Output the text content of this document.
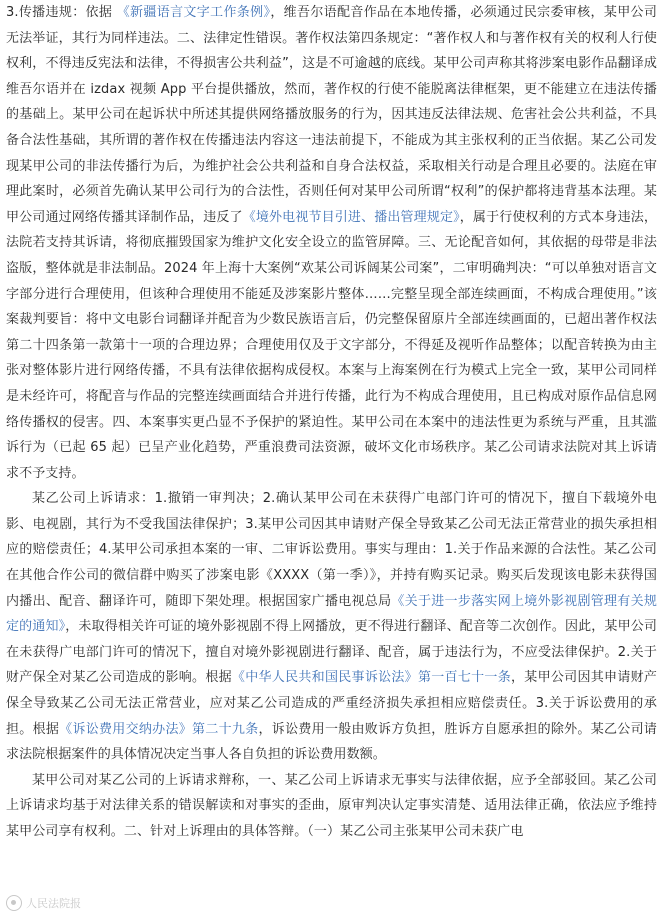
3.传播违规：依据 《新疆语言文字工作条例》，维吾尔语配音作品在本地传播，必须通过民宗委审核，某甲公司无法举证，其行为同样违法。二、法律定性错误。著作权法第四条规定：“著作权人和与著作权有关的权利人行使权利，不得违反宪法和法律，不得损害公共利益”，这是不可逾越的底线。某甲公司声称其将涉案电影作品翻译成维吾尔语并在 izdax 视频 App 平台提供播放，然而，著作权的行使不能脱离法律框架，更不能建立在违法传播的基础上。某甲公司在起诉状中所述其提供网络播放服务的行为，因其违反法律法规、危害社会公共利益，不具备合法性基础，其所谓的著作权在传播违法内容这一违法前提下，不能成为其主张权利的正当依据。某乙公司发现某甲公司的非法传播行为后，为维护社会公共利益和自身合法权益，采取相关行动是合理且必要的。法庭在审理此案时，必须首先确认某甲公司行为的合法性，否则任何对某甲公司所谓“权利”的保护都将违背基本法理。某甲公司通过网络传播其译制作品，违反了《境外电视节目引进、播出管理规定》，属于行使权利的方式本身违法，法院若支持其诉请，将彻底摧毁国家为维护文化安全设立的监管屏障。三、无论配音如何，其依据的母带是非法盗版，整体就是非法制品。2024 年上海十大案例“欢某公司诉阔某公司案”，二审明确判决：“可以单独对语言文字部分进行合理使用，但该种合理使用不能延及涉案影片整体……完整呈现全部连续画面，不构成合理使用。”该案裁判要旨：将中文电影台词翻译并配音为少数民族语言后，仍完整保留原片全部连续画面的，已超出著作权法第二十四条第一款第十一项的合理边界；合理使用仅及于文字部分，不得延及视听作品整体；以配音转换为由主张对整体影片进行网络传播，不具有法律依据构成侵权。本案与上海案例在行为模式上完全一致，某甲公司同样是未经许可，将配音与作品的完整连续画面结合并进行传播，此行为不构成合理使用，且已构成对原作品信息网络传播权的侵害。四、本案事实更凸显不予保护的紧迫性。某甲公司在本案中的违法性更为系统与严重，且其滥诉行为（已起 65 起）已呈产业化趋势，严重浪费司法资源，破坏文化市场秩序。某乙公司请求法院对其上诉请求不予支持。

某乙公司上诉请求：1.撤销一审判决；2.确认某甲公司在未获得广电部门许可的情况下，擅自下载境外电影、电视剧，其行为不受我国法律保护；3.某甲公司因其申请财产保全导致某乙公司无法正常营业的损失承担相应的赔偿责任；4.某甲公司承担本案的一审、二审诉讼费用。事实与理由：1.关于作品来源的合法性。某乙公司在其他合作公司的微信群中购买了涉案电影《XXXX（第一季）》，并持有购买记录。购买后发现该电影未获得国内播出、配音、翻译许可，随即下架处理。根据国家广播电视总局《关于进一步落实网上境外影视剧管理有关规定的通知》，未取得相关许可证的境外影视剧不得上网播放，更不得进行翻译、配音等二次创作。因此，某甲公司在未获得广电部门许可的情况下，擅自对境外影视剧进行翻译、配音，属于违法行为，不应受法律保护。2.关于财产保全对某乙公司造成的影响。根据《中华人民共和国民事诉讼法》第一百七十一条，某甲公司因其申请财产保全导致某乙公司无法正常营业，应对某乙公司造成的严重经济损失承担相应赔偿责任。3.关于诉讼费用的承担。根据《诉讼费用交纳办法》第二十九条，诉讼费用一般由败诉方负担，胜诉方自愿承担的除外。某乙公司请求法院根据案件的具体情况决定当事人各自负担的诉讼费用数额。

某甲公司对某乙公司的上诉请求辩称，一、某乙公司上诉请求无事实与法律依据，应予全部驳回。某乙公司上诉请求均基于对法律关系的错误解读和对事实的歪曲，原审判决认定事实清楚、适用法律正确，依法应予维持某甲公司享有权利。二、针对上诉理由的具体答辩。（一）某乙公司主张某甲公司未获广电

人民法院报
